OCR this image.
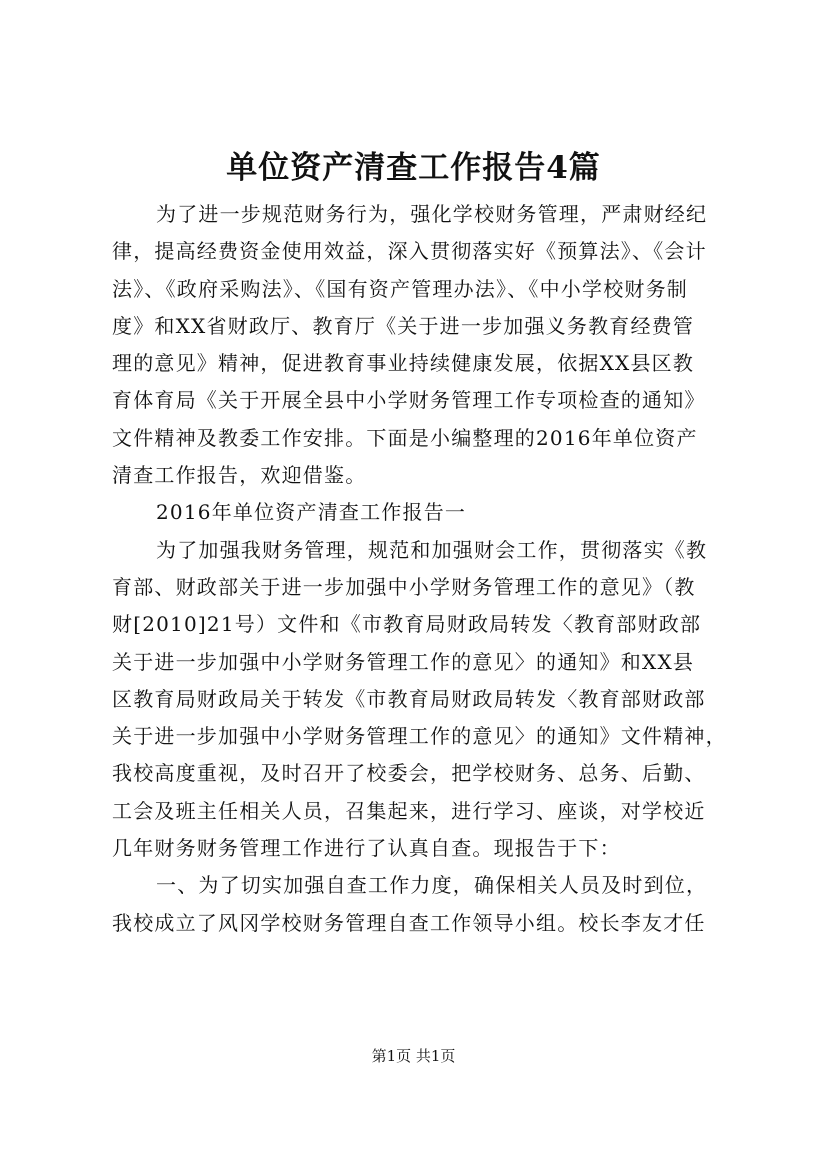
单位资产清查工作报告4篇
为了进一步规范财务行为，强化学校财务管理，严肃财经纪
律，提高经费资金使用效益，深入贯彻落实好《预算法》、《会计
法》、《政府采购法》、《国有资产管理办法》、《中小学校财务制
度》和XX省财政厅、教育厅《关于进一步加强义务教育经费管
理的意见》精神，促进教育事业持续健康发展，依据XX县区教
育体育局《关于开展全县中小学财务管理工作专项检查的通知》
文件精神及教委工作安排。下面是小编整理的2016年单位资产
清查工作报告，欢迎借鉴。
2016年单位资产清查工作报告一
为了加强我财务管理，规范和加强财会工作，贯彻落实《教
育部、财政部关于进一步加强中小学财务管理工作的意见》（教
财[2010]21号）文件和《市教育局财政局转发〈教育部财政部
关于进一步加强中小学财务管理工作的意见〉的通知》和XX县
区教育局财政局关于转发《市教育局财政局转发〈教育部财政部
关于进一步加强中小学财务管理工作的意见〉的通知》文件精神，
我校高度重视，及时召开了校委会，把学校财务、总务、后勤、
工会及班主任相关人员，召集起来，进行学习、座谈，对学校近
几年财务财务管理工作进行了认真自查。现报告于下：
一、为了切实加强自查工作力度，确保相关人员及时到位，
我校成立了风冈学校财务管理自查工作领导小组。校长李友才任
第1页 共1页
